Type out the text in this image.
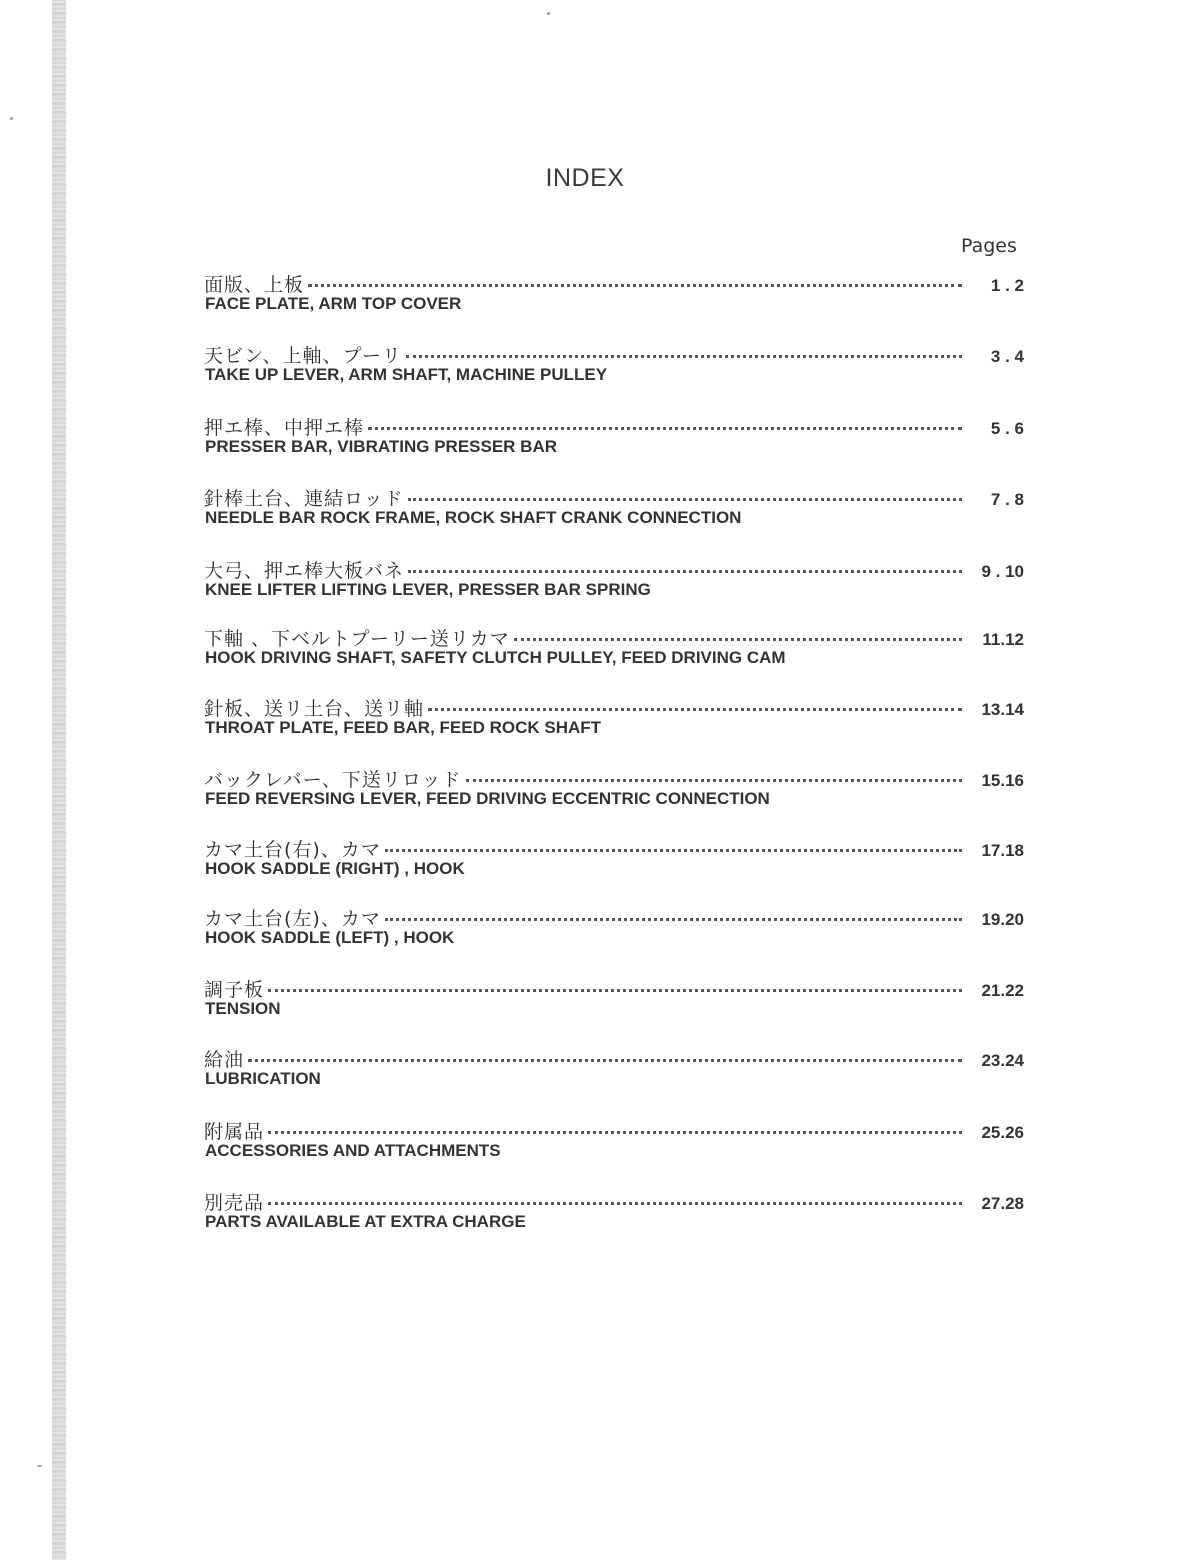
INDEX
Pages
面版、上板	1 . 2
FACE PLATE, ARM TOP COVER
天ビン、上軸、プーリ	3 . 4
TAKE UP LEVER, ARM SHAFT, MACHINE PULLEY
押エ棒、中押エ棒	5 . 6
PRESSER BAR, VIBRATING PRESSER BAR
針棒土台、連結ロッド	7 . 8
NEEDLE BAR ROCK FRAME, ROCK SHAFT CRANK CONNECTION
大弓、押エ棒大板バネ	9 . 10
KNEE LIFTER LIFTING LEVER, PRESSER BAR SPRING
下軸 、下ベルトプーリー送リカマ	11.12
HOOK DRIVING SHAFT, SAFETY CLUTCH PULLEY, FEED DRIVING CAM
針板、送リ土台、送リ軸	13.14
THROAT PLATE, FEED BAR, FEED ROCK SHAFT
バックレバー、下送リロッド	15.16
FEED REVERSING LEVER, FEED DRIVING ECCENTRIC CONNECTION
カマ土台(右)、カマ	17.18
HOOK SADDLE (RIGHT) , HOOK
カマ土台(左)、カマ	19.20
HOOK SADDLE (LEFT) , HOOK
調子板	21.22
TENSION
給油	23.24
LUBRICATION
附属品	25.26
ACCESSORIES AND ATTACHMENTS
別売品	27.28
PARTS AVAILABLE AT EXTRA CHARGE
